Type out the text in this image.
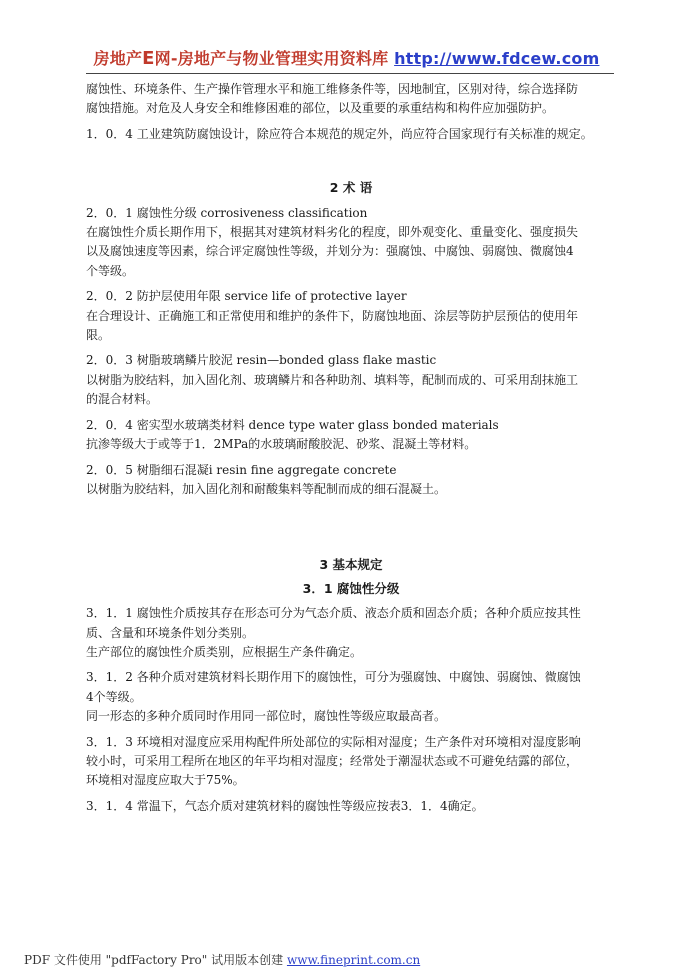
房地产E网-房地产与物业管理实用资料库 http://www.fdcew.com
腐蚀性、环境条件、生产操作管理水平和施工维修条件等，因地制宜，区别对待，综合选择防
腐蚀措施。对危及人身安全和维修困难的部位，以及重要的承重结构和构件应加强防护。
1．0．4 工业建筑防腐蚀设计，除应符合本规范的规定外，尚应符合国家现行有关标准的规定。

2 术 语

2．0．1 腐蚀性分级 corrosiveness classification
在腐蚀性介质长期作用下，根据其对建筑材料劣化的程度，即外观变化、重量变化、强度损失
以及腐蚀速度等因素，综合评定腐蚀性等级，并划分为：强腐蚀、中腐蚀、弱腐蚀、微腐蚀4
个等级。
2．0．2 防护层使用年限 service life of protective layer
在合理设计、正确施工和正常使用和维护的条件下，防腐蚀地面、涂层等防护层预估的使用年
限。
2．0．3 树脂玻璃鳞片胶泥 resin—bonded glass flake mastic
以树脂为胶结料，加入固化剂、玻璃鳞片和各种助剂、填料等，配制而成的、可采用刮抹施工
的混合材料。
2．0．4 密实型水玻璃类材料 dence type water glass bonded materials
抗渗等级大于或等于1．2MPa的水玻璃耐酸胶泥、砂浆、混凝土等材料。
2．0．5 树脂细石混凝i resin fine aggregate concrete
以树脂为胶结料，加入固化剂和耐酸集料等配制而成的细石混凝土。

3 基本规定

3．1 腐蚀性分级

3．1．1 腐蚀性介质按其存在形态可分为气态介质、液态介质和固态介质；各种介质应按其性
质、含量和环境条件划分类别。
生产部位的腐蚀性介质类别，应根据生产条件确定。
3．1．2 各种介质对建筑材料长期作用下的腐蚀性，可分为强腐蚀、中腐蚀、弱腐蚀、微腐蚀
4个等级。
同一形态的多种介质同时作用同一部位时，腐蚀性等级应取最高者。
3．1．3 环境相对湿度应采用构配件所处部位的实际相对湿度；生产条件对环境相对湿度影响
较小时，可采用工程所在地区的年平均相对湿度；经常处于潮湿状态或不可避免结露的部位，
环境相对湿度应取大于75%。
3．1．4 常温下，气态介质对建筑材料的腐蚀性等级应按表3．1．4确定。
PDF 文件使用 "pdfFactory Pro" 试用版本创建 www.fineprint.com.cn
